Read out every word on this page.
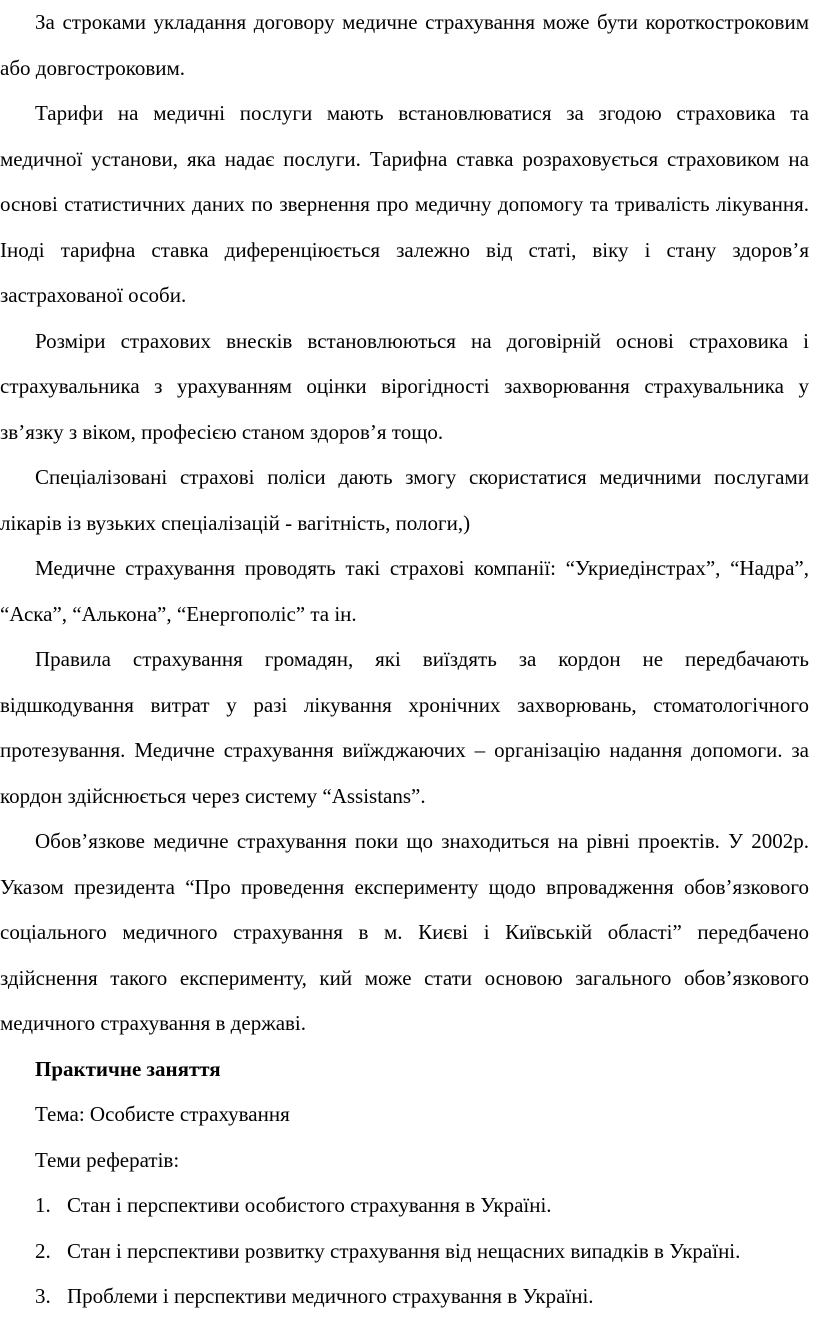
За строками укладання договору медичне страхування може бути короткостроковим або довгостроковим.

Тарифи на медичні послуги мають встановлюватися за згодою страховика та медичної установи, яка надає послуги. Тарифна ставка розраховується страховиком на основі статистичних даних по звернення про медичну допомогу та тривалість лікування. Іноді тарифна ставка диференціюється залежно від статі, віку і стану здоров’я застрахованої особи.

Розміри страхових внесків встановлюються на договірній основі страховика і страхувальника з урахуванням оцінки вірогідності захворювання страхувальника у зв’язку з віком, професією станом здоров’я тощо.

Спеціалізовані страхові поліси дають змогу скористатися медичними послугами лікарів із вузьких спеціалізацій - вагітність, пологи,)

Медичне страхування проводять такі страхові компанії: “Укриедінстрах”, “Надра”, “Аска”, “Алькона”, “Енергополіс” та ін.

Правила страхування громадян, які виїздять за кордон не передбачають відшкодування витрат у разі лікування хронічних захворювань, стоматологічного протезування. Медичне страхування виїжджаючих – організацію надання допомоги. за кордон здійснюється через систему “Assistans”.

Обов’язкове медичне страхування поки що знаходиться на рівні проектів. У 2002р. Указом президента “Про проведення експерименту щодо впровадження обов’язкового соціального медичного страхування в м. Києві і Київській області” передбачено здійснення такого експерименту, кий може стати основою загального обов’язкового медичного страхування в державі.

Практичне заняття

Тема: Особисте страхування

Теми рефератів:

1. Стан і перспективи особистого страхування в Україні.
2. Стан і перспективи розвитку страхування від нещасних випадків в Україні.
3. Проблеми і перспективи медичного страхування в Україні.
